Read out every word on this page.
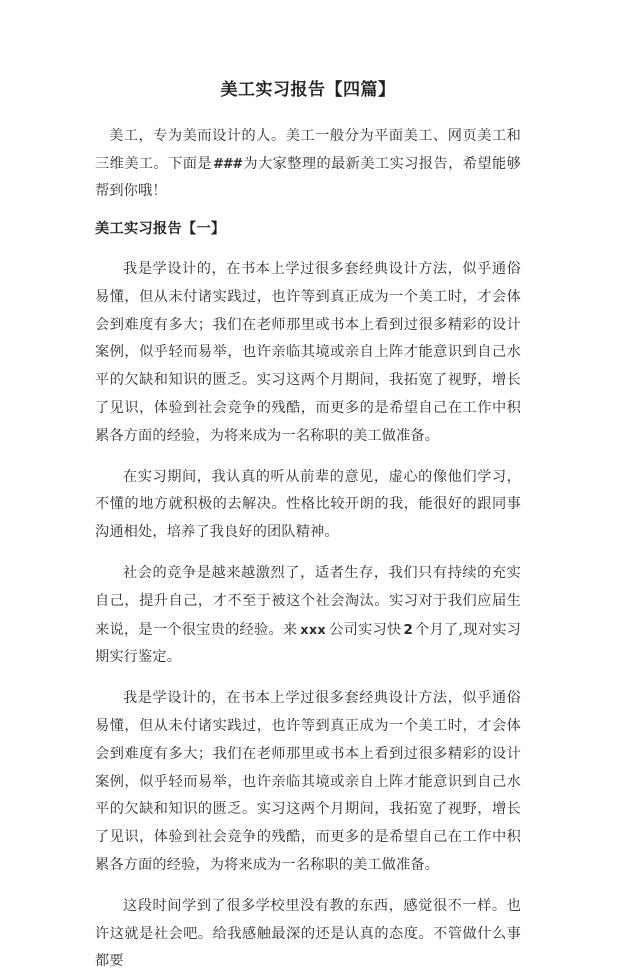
美工实习报告【四篇】

美工，专为美而设计的人。美工一般分为平面美工、网页美工和三维美工。下面是###为大家整理的最新美工实习报告，希望能够帮到你哦！

美工实习报告【一】

我是学设计的，在书本上学过很多套经典设计方法，似乎通俗易懂，但从未付诸实践过，也许等到真正成为一个美工时，才会体会到难度有多大；我们在老师那里或书本上看到过很多精彩的设计案例，似乎轻而易举，也许亲临其境或亲自上阵才能意识到自己水平的欠缺和知识的匮乏。实习这两个月期间，我拓宽了视野，增长了见识，体验到社会竞争的残酷，而更多的是希望自己在工作中积累各方面的经验，为将来成为一名称职的美工做准备。

在实习期间，我认真的听从前辈的意见，虚心的像他们学习，不懂的地方就积极的去解决。性格比较开朗的我，能很好的跟同事沟通相处，培养了我良好的团队精神。

社会的竞争是越来越激烈了，适者生存，我们只有持续的充实自己，提升自己，才不至于被这个社会淘汰。实习对于我们应届生来说，是一个很宝贵的经验。来 xxx 公司实习快 2 个月了,现对实习期实行鉴定。

我是学设计的，在书本上学过很多套经典设计方法，似乎通俗易懂，但从未付诸实践过，也许等到真正成为一个美工时，才会体会到难度有多大；我们在老师那里或书本上看到过很多精彩的设计案例，似乎轻而易举，也许亲临其境或亲自上阵才能意识到自己水平的欠缺和知识的匮乏。实习这两个月期间，我拓宽了视野，增长了见识，体验到社会竞争的残酷，而更多的是希望自己在工作中积累各方面的经验，为将来成为一名称职的美工做准备。

这段时间学到了很多学校里没有教的东西，感觉很不一样。也许这就是社会吧。给我感触最深的还是认真的态度。不管做什么事都要
